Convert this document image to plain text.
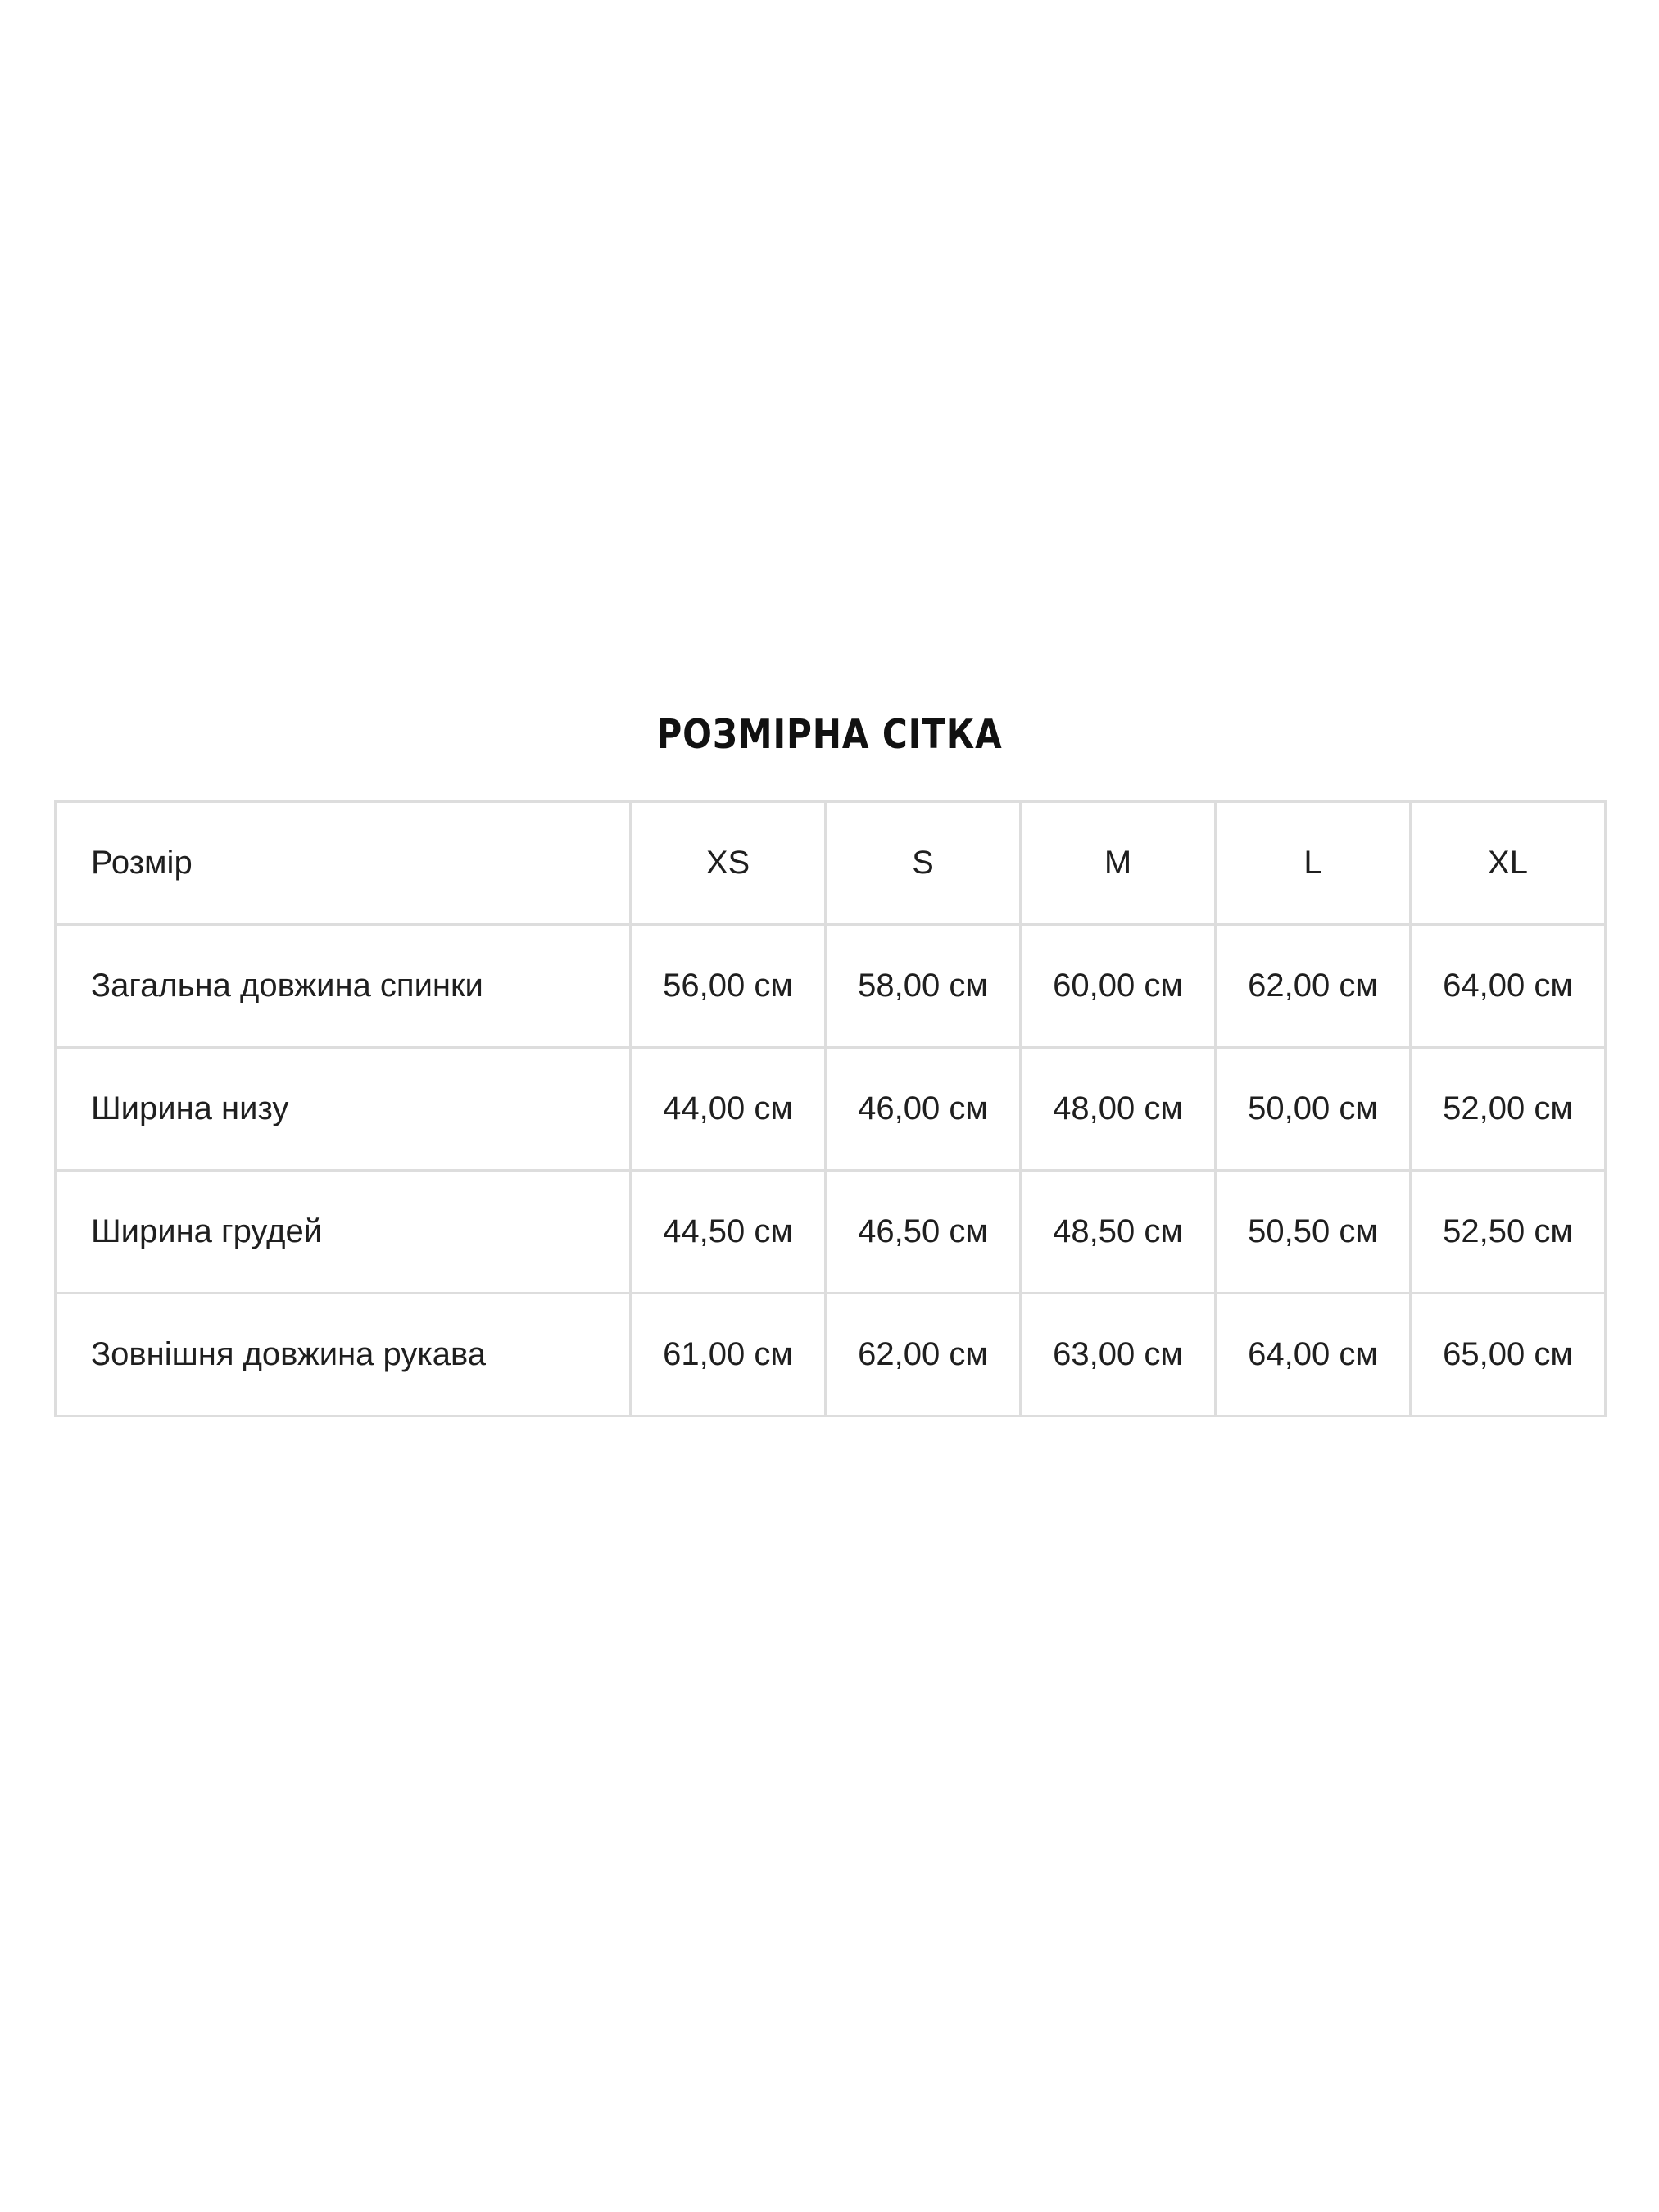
РОЗМІРНА СІТКА
Розмір	XS	S	M	L	XL
Загальна довжина спинки	56,00 см	58,00 см	60,00 см	62,00 см	64,00 см
Ширина низу	44,00 см	46,00 см	48,00 см	50,00 см	52,00 см
Ширина грудей	44,50 см	46,50 см	48,50 см	50,50 см	52,50 см
Зовнішня довжина рукава	61,00 см	62,00 см	63,00 см	64,00 см	65,00 см
